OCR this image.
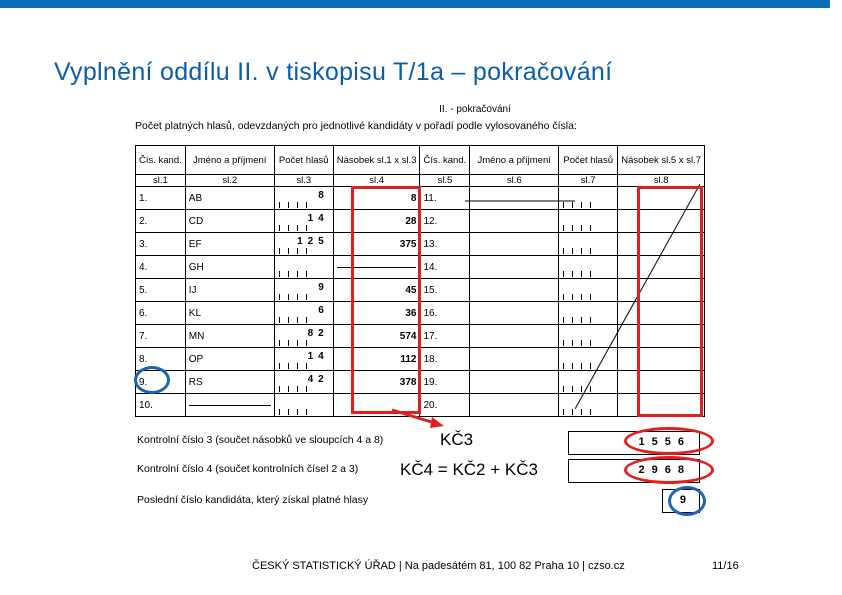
Vyplnění oddílu II. v tiskopisu T/1a – pokračování
II. - pokračování
Počet platných hlasů, odevzdaných pro jednotlivé kandidáty v pořadí podle vylosovaného čísla:
Čís. kand.	Jméno a příjmení	Počet hlasů	Násobek sl.1 x sl.3	Čís. kand.	Jméno a příjmení	Počet hlasů	Násobek sl.5 x sl.7
sl.1	sl.2	sl.3	sl.4	sl.5	sl.6	sl.7	sl.8
1.	AB	8	8	11.		

2.	CD	14	28	12.		

3.	EF	125	375	13.		

4.	GH			14.		

5.	IJ	9	45	15.		

6.	KL	6	36	16.		

7.	MN	82	574	17.		

8.	OP	14	112	18.		

9.	RS	42	378	19.		

10.				20.		

Kontrolní číslo 3 (součet násobků ve sloupcích 4 a 8)
Kontrolní číslo 4 (součet kontrolních čísel 2 a 3)
Poslední číslo kandidáta, který získal platné hlasy
KČ3
KČ4 = KČ2 + KČ3
1556
2968
9
ČESKÝ STATISTICKÝ ÚŘAD | Na padesátém 81, 100 82 Praha 10 | czso.cz	11/16
